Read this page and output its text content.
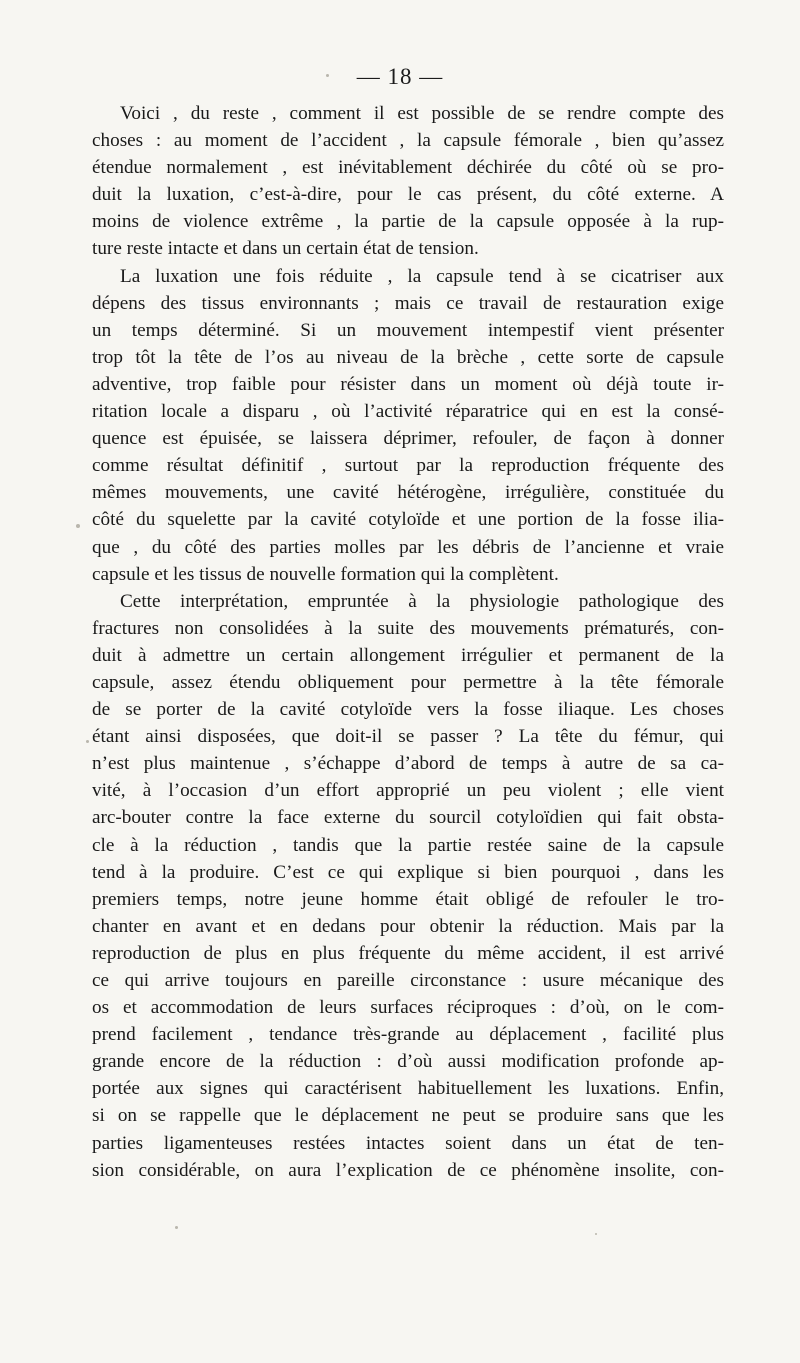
— 18 —
Voici , du reste , comment il est possible de se rendre compte des
choses : au moment de l’accident , la capsule fémorale , bien qu’assez
étendue normalement , est inévitablement déchirée du côté où se pro-
duit la luxation, c’est-à-dire, pour le cas présent, du côté externe. A
moins de violence extrême , la partie de la capsule opposée à la rup-
ture reste intacte et dans un certain état de tension.
La luxation une fois réduite , la capsule tend à se cicatriser aux
dépens des tissus environnants ; mais ce travail de restauration exige
un temps déterminé. Si un mouvement intempestif vient présenter
trop tôt la tête de l’os au niveau de la brèche , cette sorte de capsule
adventive, trop faible pour résister dans un moment où déjà toute ir-
ritation locale a disparu , où l’activité réparatrice qui en est la consé-
quence est épuisée, se laissera déprimer, refouler, de façon à donner
comme résultat définitif , surtout par la reproduction fréquente des
mêmes mouvements, une cavité hétérogène, irrégulière, constituée du
côté du squelette par la cavité cotyloïde et une portion de la fosse ilia-
que , du côté des parties molles par les débris de l’ancienne et vraie
capsule et les tissus de nouvelle formation qui la complètent.
Cette interprétation, empruntée à la physiologie pathologique des
fractures non consolidées à la suite des mouvements prématurés, con-
duit à admettre un certain allongement irrégulier et permanent de la
capsule, assez étendu obliquement pour permettre à la tête fémorale
de se porter de la cavité cotyloïde vers la fosse iliaque. Les choses
étant ainsi disposées, que doit-il se passer ? La tête du fémur, qui
n’est plus maintenue , s’échappe d’abord de temps à autre de sa ca-
vité, à l’occasion d’un effort approprié un peu violent ; elle vient
arc-bouter contre la face externe du sourcil cotyloïdien qui fait obsta-
cle à la réduction , tandis que la partie restée saine de la capsule
tend à la produire. C’est ce qui explique si bien pourquoi , dans les
premiers temps, notre jeune homme était obligé de refouler le tro-
chanter en avant et en dedans pour obtenir la réduction. Mais par la
reproduction de plus en plus fréquente du même accident, il est arrivé
ce qui arrive toujours en pareille circonstance : usure mécanique des
os et accommodation de leurs surfaces réciproques : d’où, on le com-
prend facilement , tendance très-grande au déplacement , facilité plus
grande encore de la réduction : d’où aussi modification profonde ap-
portée aux signes qui caractérisent habituellement les luxations. Enfin,
si on se rappelle que le déplacement ne peut se produire sans que les
parties ligamenteuses restées intactes soient dans un état de ten-
sion considérable, on aura l’explication de ce phénomène insolite, con-
